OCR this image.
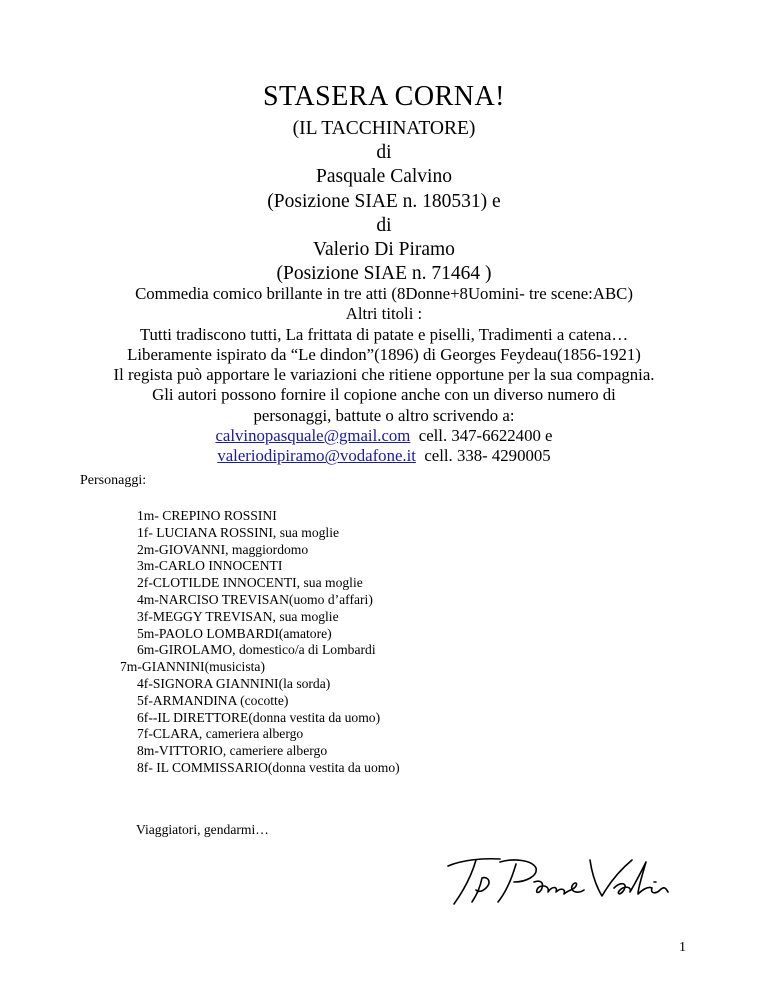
STASERA CORNA!
(IL TACCHINATORE)
di
Pasquale Calvino
(Posizione SIAE n. 180531) e
di
Valerio Di Piramo
(Posizione SIAE n. 71464 )
Commedia comico brillante in tre atti (8Donne+8Uomini- tre scene:ABC)
Altri titoli :
Tutti tradiscono tutti, La frittata di patate e piselli, Tradimenti a catena…
Liberamente ispirato da “Le dindon”(1896) di Georges Feydeau(1856-1921)
Il regista può apportare le variazioni che ritiene opportune per la sua compagnia.
Gli autori possono fornire il copione anche con un diverso numero di
personaggi, battute o altro scrivendo a:
calvinopasquale@gmail.com  cell. 347-6622400 e
valeriodipiramo@vodafone.it  cell. 338- 4290005
Personaggi:
1m- CREPINO ROSSINI
1f- LUCIANA ROSSINI, sua moglie
2m-GIOVANNI, maggiordomo
3m-CARLO INNOCENTI
2f-CLOTILDE INNOCENTI, sua moglie
4m-NARCISO TREVISAN(uomo d’affari)
3f-MEGGY TREVISAN, sua moglie
5m-PAOLO LOMBARDI(amatore)
6m-GIROLAMO, domestico/a di Lombardi
7m-GIANNINI(musicista)
4f-SIGNORA GIANNINI(la sorda)
5f-ARMANDINA (cocotte)
6f--IL DIRETTORE(donna vestita da uomo)
7f-CLARA, cameriera albergo
8m-VITTORIO, cameriere albergo
8f- IL COMMISSARIO(donna vestita da uomo)
Viaggiatori, gendarmi…
1
